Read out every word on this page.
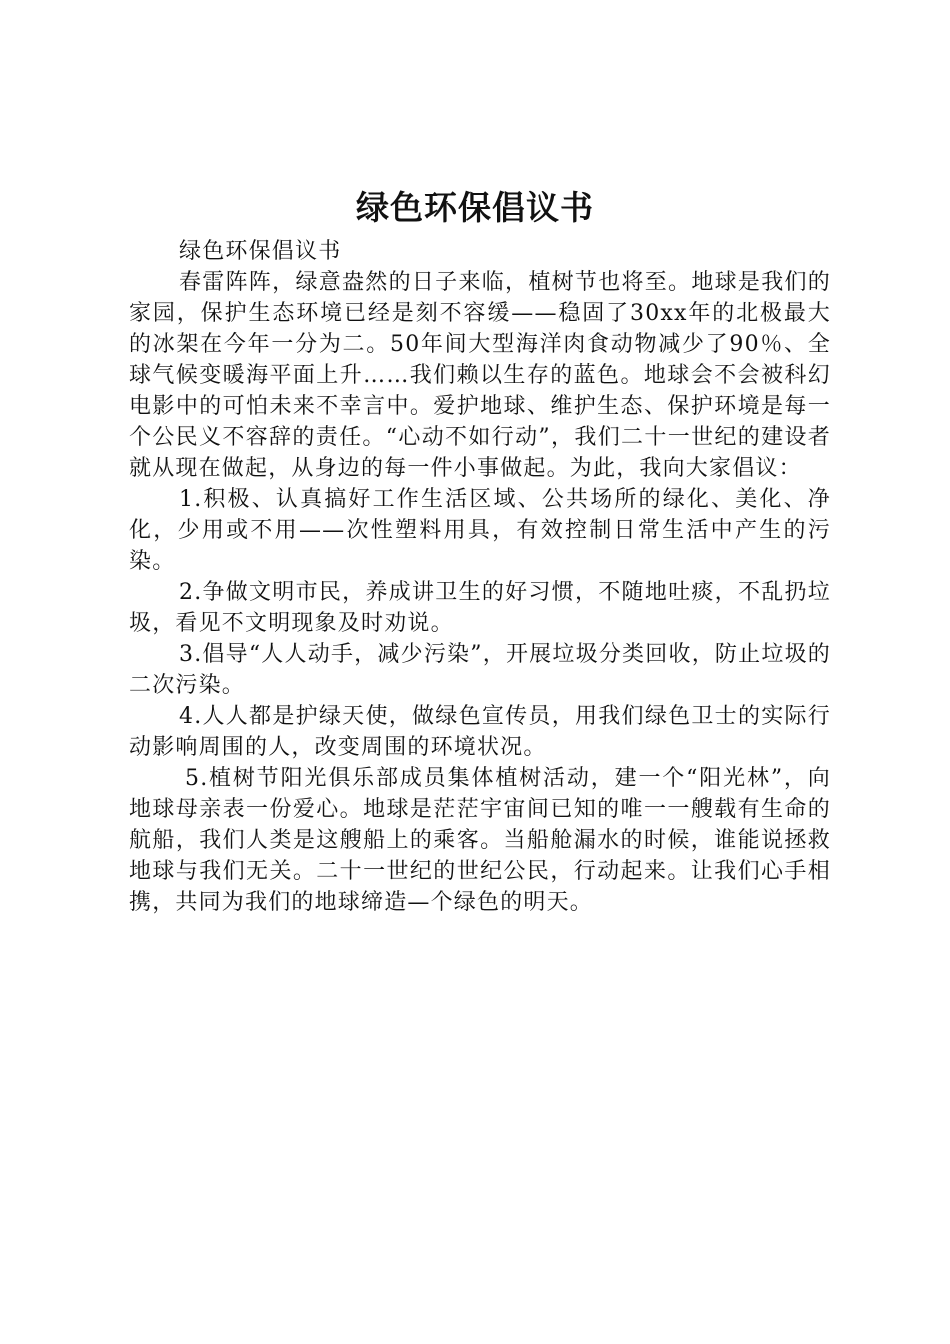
绿色环保倡议书

绿色环保倡议书

春雷阵阵，绿意盎然的日子来临，植树节也将至。地球是我们的家园，保护生态环境已经是刻不容缓——稳固了30xx年的北极最大的冰架在今年一分为二。50年间大型海洋肉食动物减少了90％、全球气候变暖海平面上升……我们赖以生存的蓝色。地球会不会被科幻电影中的可怕未来不幸言中。爱护地球、维护生态、保护环境是每一个公民义不容辞的责任。“心动不如行动”，我们二十一世纪的建设者就从现在做起，从身边的每一件小事做起。为此，我向大家倡议：

1.积极、认真搞好工作生活区域、公共场所的绿化、美化、净化，少用或不用——次性塑料用具，有效控制日常生活中产生的污染。

2.争做文明市民，养成讲卫生的好习惯，不随地吐痰，不乱扔垃圾，看见不文明现象及时劝说。

3.倡导“人人动手，减少污染”，开展垃圾分类回收，防止垃圾的二次污染。

4.人人都是护绿天使，做绿色宣传员，用我们绿色卫士的实际行动影响周围的人，改变周围的环境状况。

5.植树节阳光俱乐部成员集体植树活动，建一个“阳光林”，向地球母亲表一份爱心。地球是茫茫宇宙间已知的唯一一艘载有生命的航船，我们人类是这艘船上的乘客。当船舱漏水的时候，谁能说拯救地球与我们无关。二十一世纪的世纪公民，行动起来。让我们心手相携，共同为我们的地球缔造—个绿色的明天。
